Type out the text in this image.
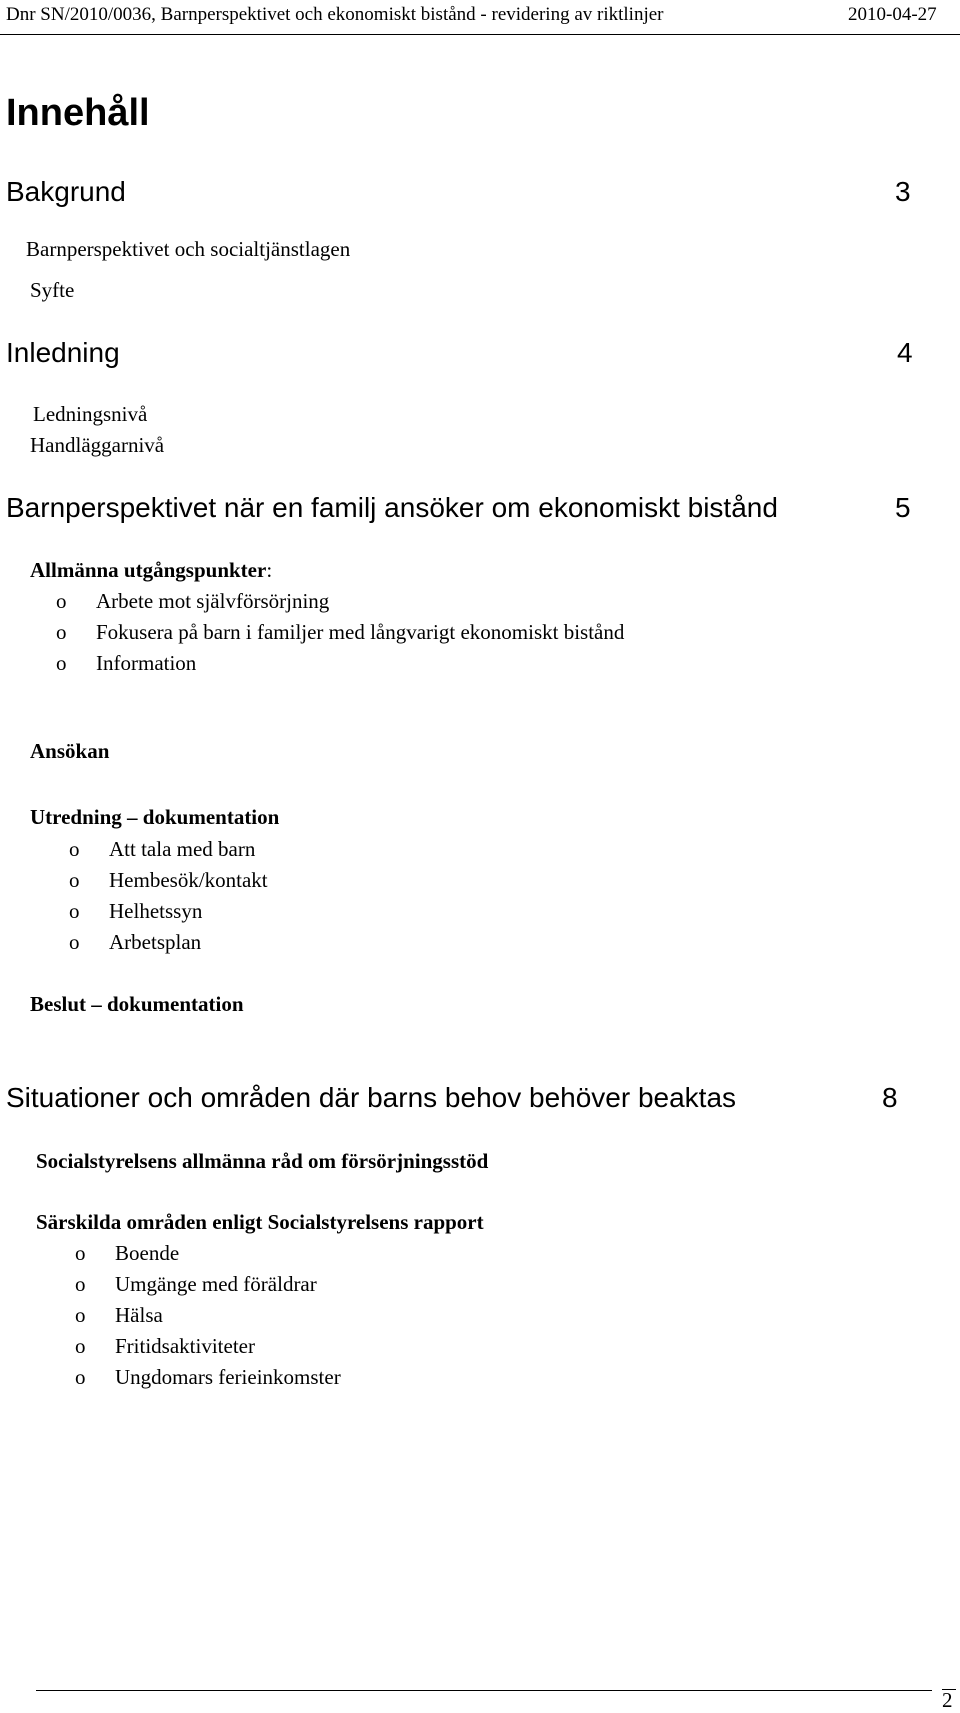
Dnr SN/2010/0036, Barnperspektivet och ekonomiskt bistånd - revidering av riktlinjer	2010-04-27
Innehåll
Bakgrund	3
Barnperspektivet och socialtjänstlagen
Syfte
Inledning	4
Ledningsnivå
Handläggarnivå
Barnperspektivet när en familj ansöker om ekonomiskt bistånd	5
Allmänna utgångspunkter:
o Arbete mot självförsörjning
o Fokusera på barn i familjer med långvarigt ekonomiskt bistånd
o Information
Ansökan
Utredning – dokumentation
o Att tala med barn
o Hembesök/kontakt
o Helhetssyn
o Arbetsplan
Beslut – dokumentation
Situationer och områden där barns behov behöver beaktas	8
Socialstyrelsens allmänna råd om försörjningsstöd
Särskilda områden enligt Socialstyrelsens rapport
o Boende
o Umgänge med föräldrar
o Hälsa
o Fritidsaktiviteter
o Ungdomars ferieinkomster
2
